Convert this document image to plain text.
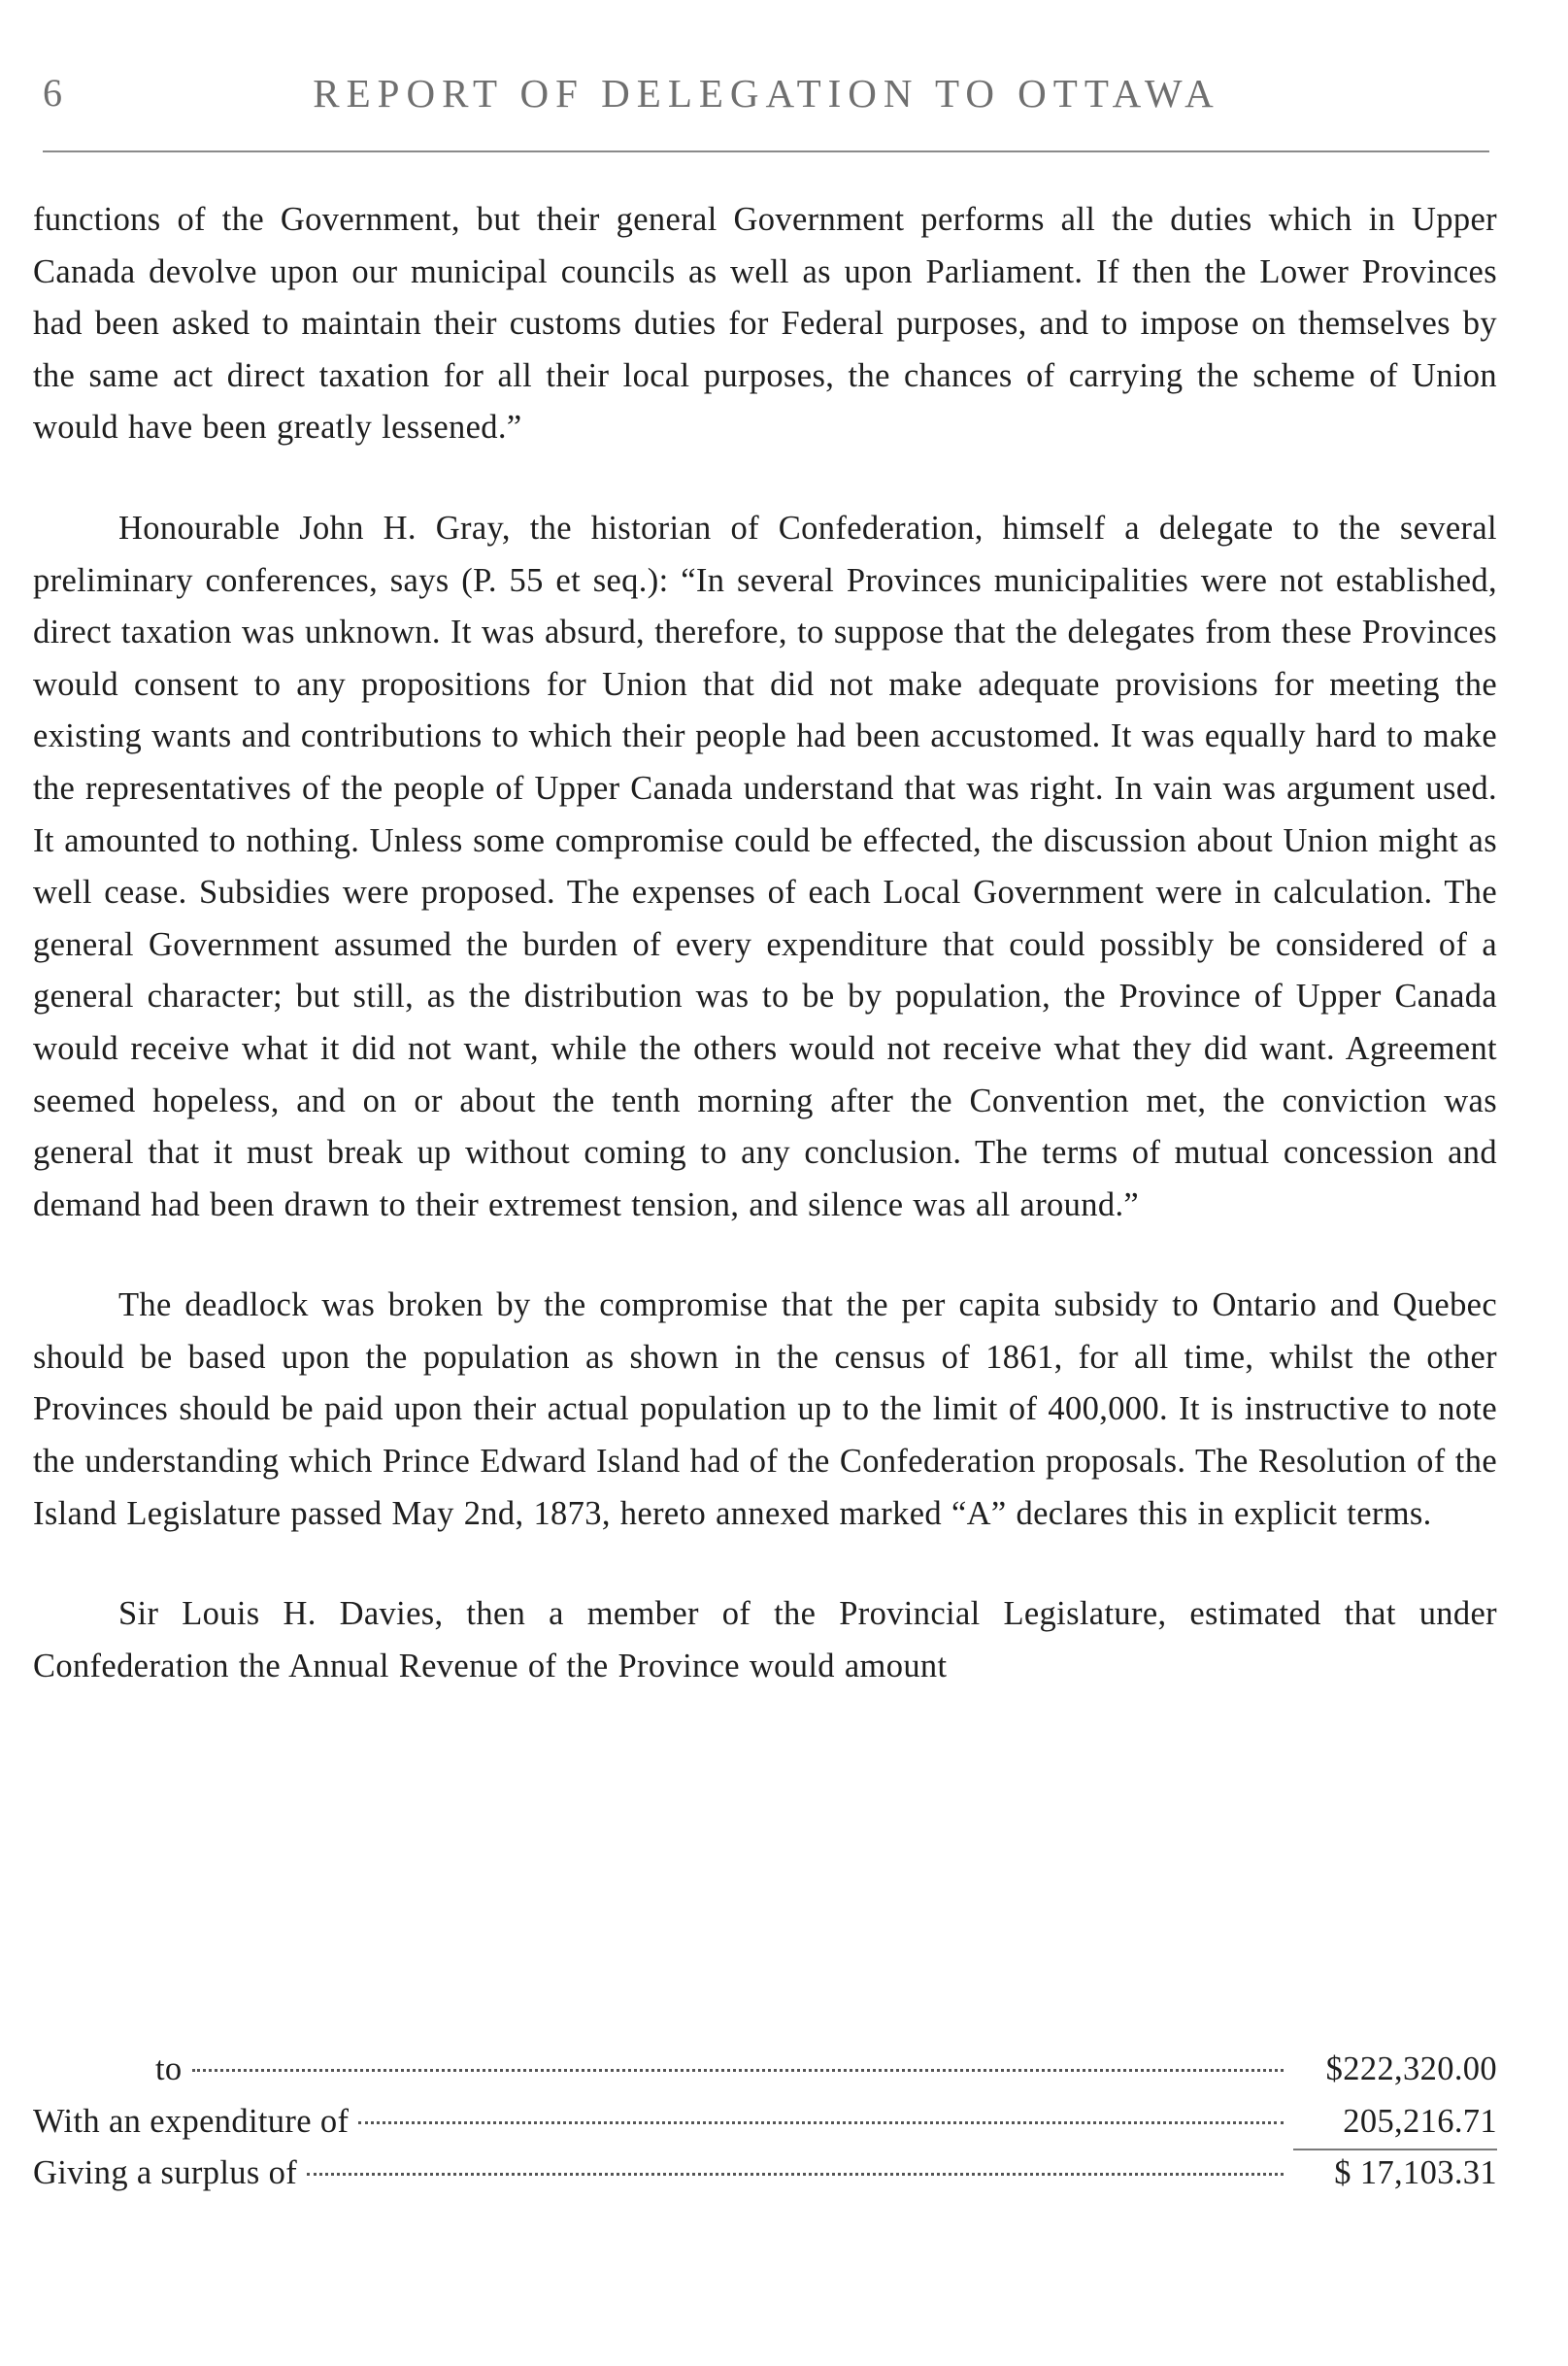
6	REPORT OF DELEGATION TO OTTAWA

functions of the Government, but their general Government performs all the duties which in Upper Canada devolve upon our municipal councils as well as upon Parliament. If then the Lower Provinces had been asked to maintain their customs duties for Federal purposes, and to impose on themselves by the same act direct taxation for all their local purposes, the chances of carrying the scheme of Union would have been greatly lessened.”

Honourable John H. Gray, the historian of Confederation, himself a delegate to the several preliminary conferences, says (P. 55 et seq.): “In several Provinces municipalities were not established, direct taxation was unknown. It was absurd, therefore, to suppose that the delegates from these Provinces would consent to any propositions for Union that did not make adequate provisions for meeting the existing wants and contributions to which their people had been accustomed. It was equally hard to make the representatives of the people of Upper Canada understand that was right. In vain was argument used. It amounted to nothing. Unless some compromise could be effected, the discussion about Union might as well cease. Subsidies were proposed. The expenses of each Local Government were in calculation. The general Government assumed the burden of every expenditure that could possibly be considered of a general character; but still, as the distribution was to be by population, the Province of Upper Canada would receive what it did not want, while the others would not receive what they did want. Agreement seemed hopeless, and on or about the tenth morning after the Convention met, the conviction was general that it must break up without coming to any conclusion. The terms of mutual concession and demand had been drawn to their extremest tension, and silence was all around.”

The deadlock was broken by the compromise that the per capita subsidy to Ontario and Quebec should be based upon the population as shown in the census of 1861, for all time, whilst the other Provinces should be paid upon their actual population up to the limit of 400,000. It is instructive to note the understanding which Prince Edward Island had of the Confederation proposals. The Resolution of the Island Legislature passed May 2nd, 1873, hereto annexed marked “A” declares this in explicit terms.

Sir Louis H. Davies, then a member of the Provincial Legislature, estimated that under Confederation the Annual Revenue of the Province would amount

to	$222,320.00
With an expenditure of	205,216.71
Giving a surplus of	$ 17,103.31
